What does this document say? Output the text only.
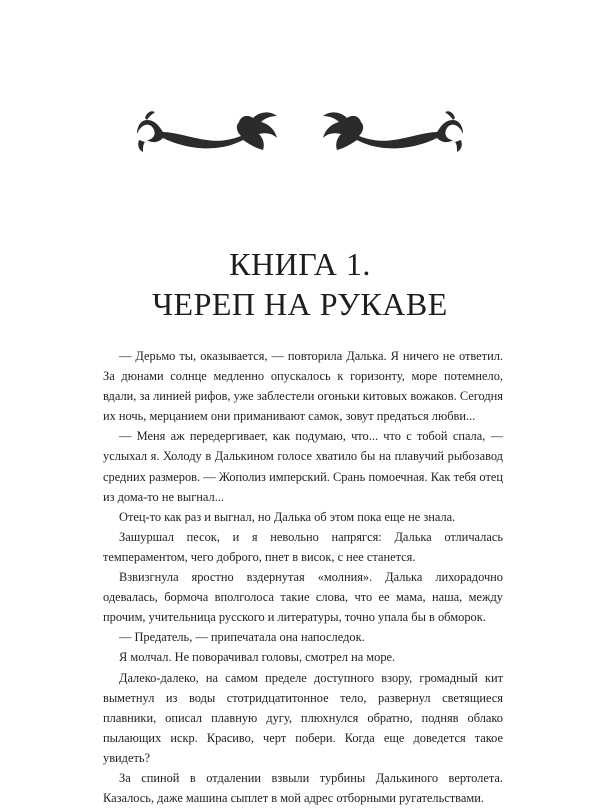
КНИГА 1.
ЧЕРЕП НА РУКАВЕ

— Дерьмо ты, оказывается, — повторила Далька. Я ничего не ответил. За дюнами солнце медленно опускалось к горизонту, море потемнело, вдали, за линией рифов, уже заблестели огоньки китовых вожаков. Сегодня их ночь, мерцанием они приманивают самок, зовут предаться любви...

— Меня аж передергивает, как подумаю, что... что с тобой спала, — услыхал я. Холоду в Далькином голосе хватило бы на плавучий рыбозавод средних размеров. — Жополиз имперский. Срань помоечная. Как тебя отец из дома-то не выгнал...

Отец-то как раз и выгнал, но Далька об этом пока еще не знала.

Зашуршал песок, и я невольно напрягся: Далька отличалась темпераментом, чего доброго, пнет в висок, с нее станется.

Взвизгнула яростно вздернутая «молния». Далька лихорадочно одевалась, бормоча вполголоса такие слова, что ее мама, наша, между прочим, учительница русского и литературы, точно упала бы в обморок.

— Предатель, — припечатала она напоследок.

Я молчал. Не поворачивал головы, смотрел на море.

Далеко-далеко, на самом пределе доступного взору, громадный кит выметнул из воды стотридцатитонное тело, развернул светящиеся плавники, описал плавную дугу, плюхнулся обратно, подняв облако пылающих искр. Красиво, черт побери. Когда еще доведется такое увидеть?

За спиной в отдалении взвыли турбины Далькиного вертолета. Казалось, даже машина сыплет в мой адрес отборными ругательствами.
